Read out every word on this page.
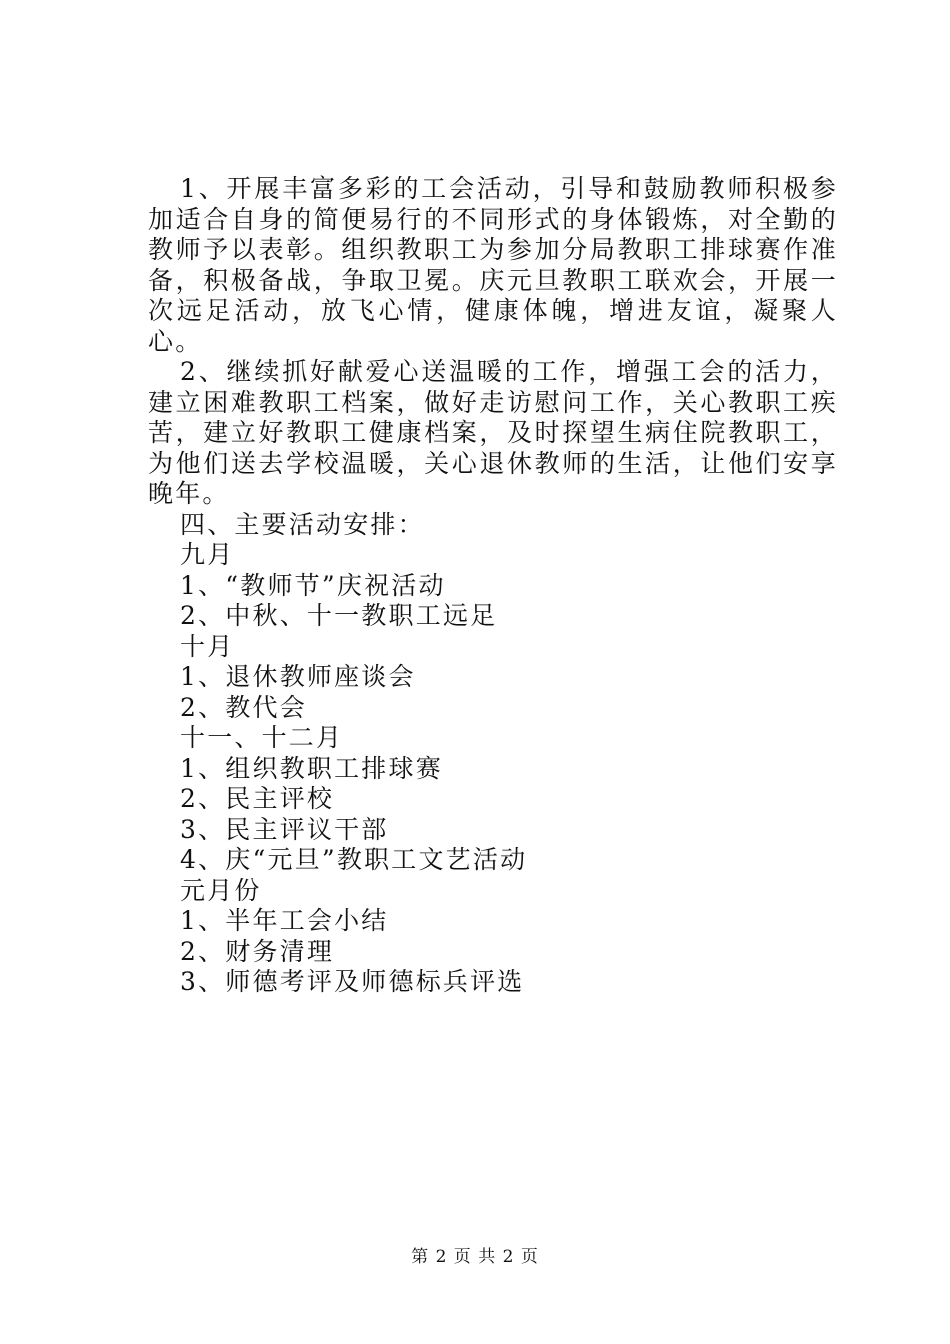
1、开展丰富多彩的工会活动，引导和鼓励教师积极参加适合自身的简便易行的不同形式的身体锻炼，对全勤的教师予以表彰。组织教职工为参加分局教职工排球赛作准备，积极备战，争取卫冕。庆元旦教职工联欢会，开展一次远足活动，放飞心情，健康体魄，增进友谊，凝聚人心。

2、继续抓好献爱心送温暖的工作，增强工会的活力，建立困难教职工档案，做好走访慰问工作，关心教职工疾苦，建立好教职工健康档案，及时探望生病住院教职工，为他们送去学校温暖，关心退休教师的生活，让他们安享晚年。

四、主要活动安排：

九月

1、“教师节”庆祝活动

2、中秋、十一教职工远足

十月

1、退休教师座谈会

2、教代会

十一、十二月

1、组织教职工排球赛

2、民主评校

3、民主评议干部

4、庆“元旦”教职工文艺活动

元月份

1、半年工会小结

2、财务清理

3、师德考评及师德标兵评选

第 2 页 共 2 页
